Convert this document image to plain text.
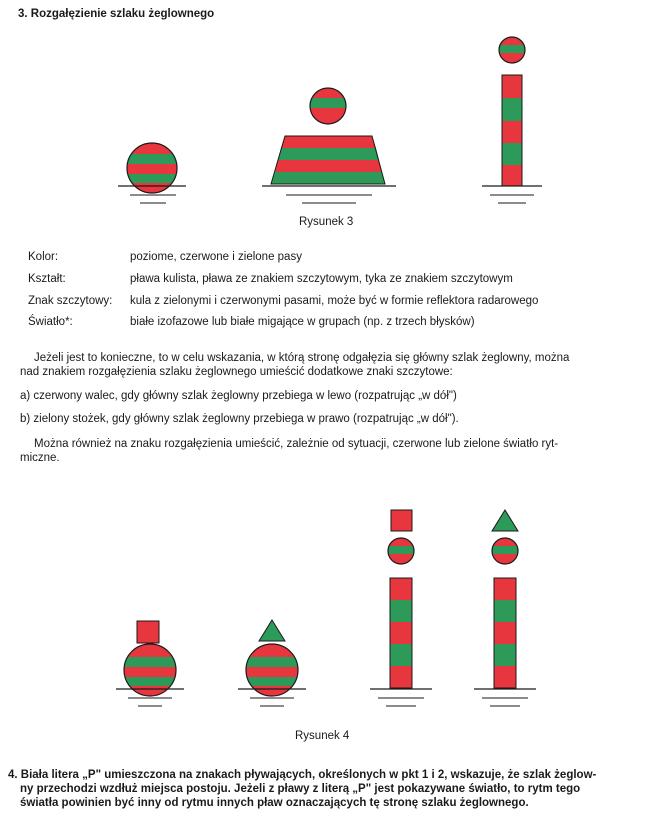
3. Rozgałęzienie szlaku żeglownego
Rysunek 3
Kolor:	poziome, czerwone i zielone pasy
Kształt:	pława kulista, pława ze znakiem szczytowym, tyka ze znakiem szczytowym
Znak szczytowy:	kula z zielonymi i czerwonymi pasami, może być w formie reflektora radarowego
Światło*:	białe izofazowe lub białe migające w grupach (np. z trzech błysków)
Jeżeli jest to konieczne, to w celu wskazania, w którą stronę odgałęzia się główny szlak żeglowny, można
nad znakiem rozgałęzienia szlaku żeglownego umieścić dodatkowe znaki szczytowe:
a) czerwony walec, gdy główny szlak żeglowny przebiega w lewo (rozpatrując „w dół")
b) zielony stożek, gdy główny szlak żeglowny przebiega w prawo (rozpatrując „w dół").
Można również na znaku rozgałęzienia umieścić, zależnie od sytuacji, czerwone lub zielone światło ryt-
miczne.
Rysunek 4
4. Biała litera „P" umieszczona na znakach pływających, określonych w pkt 1 i 2, wskazuje, że szlak żeglow-
ny przechodzi wzdłuż miejsca postoju. Jeżeli z pławy z literą „P" jest pokazywane światło, to rytm tego
światła powinien być inny od rytmu innych pław oznaczających tę stronę szlaku żeglownego.
